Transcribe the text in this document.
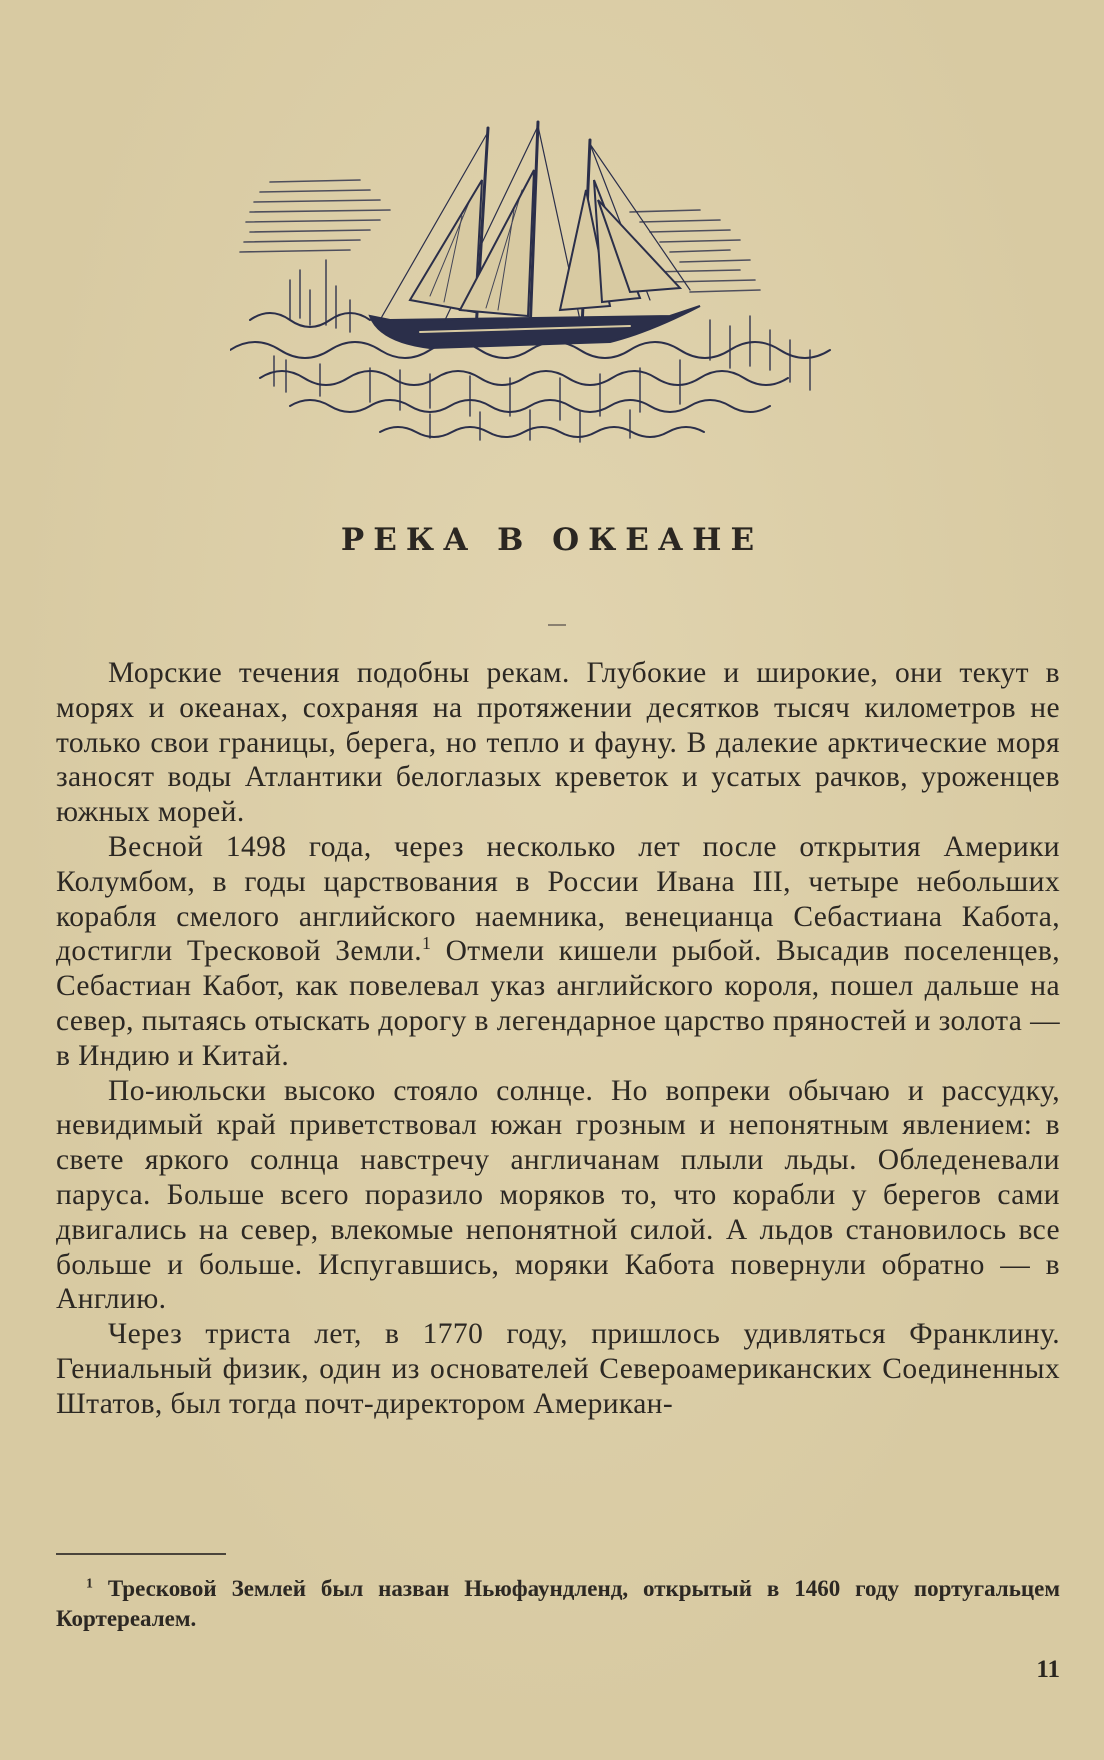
РЕКА В ОКЕАНЕ

Морские течения подобны рекам. Глубокие и широкие, они текут в морях и океанах, сохраняя на протяжении десятков тысяч километров не только свои границы, берега, но тепло и фауну. В далекие арктические моря заносят воды Атлантики белоглазых креветок и усатых рачков, уроженцев южных морей.

Весной 1498 года, через несколько лет после открытия Америки Колумбом, в годы царствования в России Ивана III, четыре небольших корабля смелого английского наемника, венецианца Себастиана Кабота, достигли Тресковой Земли.$^1$ Отмели кишели рыбой. Высадив поселенцев, Себастиан Кабот, как повелевал указ английского короля, пошел дальше на север, пытаясь отыскать дорогу в легендарное царство пряностей и золота — в Индию и Китай.

По-июльски высоко стояло солнце. Но вопреки обычаю и рассудку, невидимый край приветствовал южан грозным и непонятным явлением: в свете яркого солнца навстречу англичанам плыли льды. Обледеневали паруса. Больше всего поразило моряков то, что корабли у берегов сами двигались на север, влекомые непонятной силой. А льдов становилось все больше и больше. Испугавшись, моряки Кабота повернули обратно — в Англию.

Через триста лет, в 1770 году, пришлось удивляться Франклину. Гениальный физик, один из основателей Североамериканских Соединенных Штатов, был тогда почт-директором Американ-

$^1$ Тресковой Землей был назван Ньюфаундленд, открытый в 1460 году португальцем Кортереалем.
11
